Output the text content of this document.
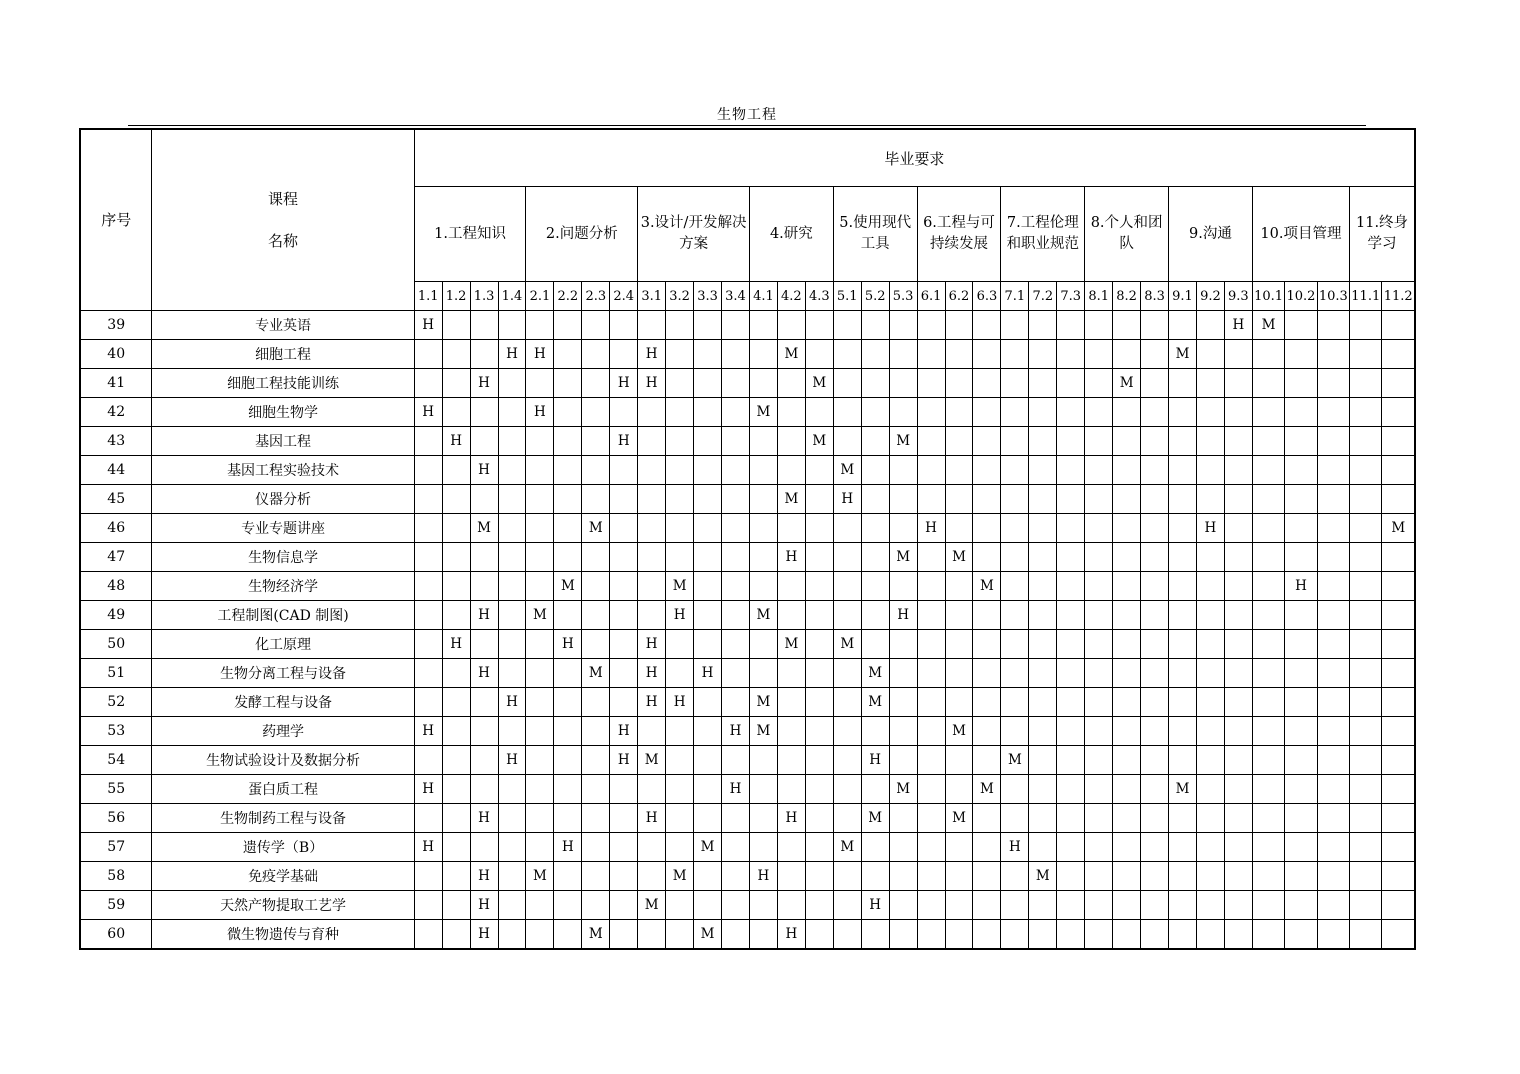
生物工程
序号	课程
名称	毕业要求																																		
		1.工程知识				2.问题分析				3.设计/开发解决方案				4.研究			5.使用现代工具			6.工程与可持续发展			7.工程伦理和职业规范			8.个人和团队			9.沟通			10.项目管理			11.终身学习	
		1.1	1.2	1.3	1.4	2.1	2.2	2.3	2.4	3.1	3.2	3.3	3.4	4.1	4.2	4.3	5.1	5.2	5.3	6.1	6.2	6.3	7.1	7.2	7.3	8.1	8.2	8.3	9.1	9.2	9.3	10.1	10.2	10.3	11.1	11.2
39	专业英语	H																													H	M				
40	细胞工程				H	H				H					M														M							
41	细胞工程技能训练			H					H	H						M											M									
42	细胞生物学	H				H								M																						
43	基因工程		H						H							M			M																	
44	基因工程实验技术			H													M																			
45	仪器分析														M		H																			
46	专业专题讲座			M				M												H										H						M
47	生物信息学														H				M		M															
48	生物经济学						M				M											M											H			
49	工程制图(CAD 制图)			H		M					H			M					H																	
50	化工原理		H				H			H					M		M																			
51	生物分离工程与设备			H				M		H		H						M																		
52	发酵工程与设备				H					H	H			M				M																		
53	药理学	H							H				H	M							M															
54	生物试验设计及数据分析				H				H	M								H					M													
55	蛋白质工程	H											H						M			M							M							
56	生物制药工程与设备			H						H					H			M			M															
57	遗传学（B）	H					H					M					M						H													
58	免疫学基础			H		M					M			H										M												
59	天然产物提取工艺学			H						M								H																		
60	微生物遗传与育种			H				M				M			H																					
